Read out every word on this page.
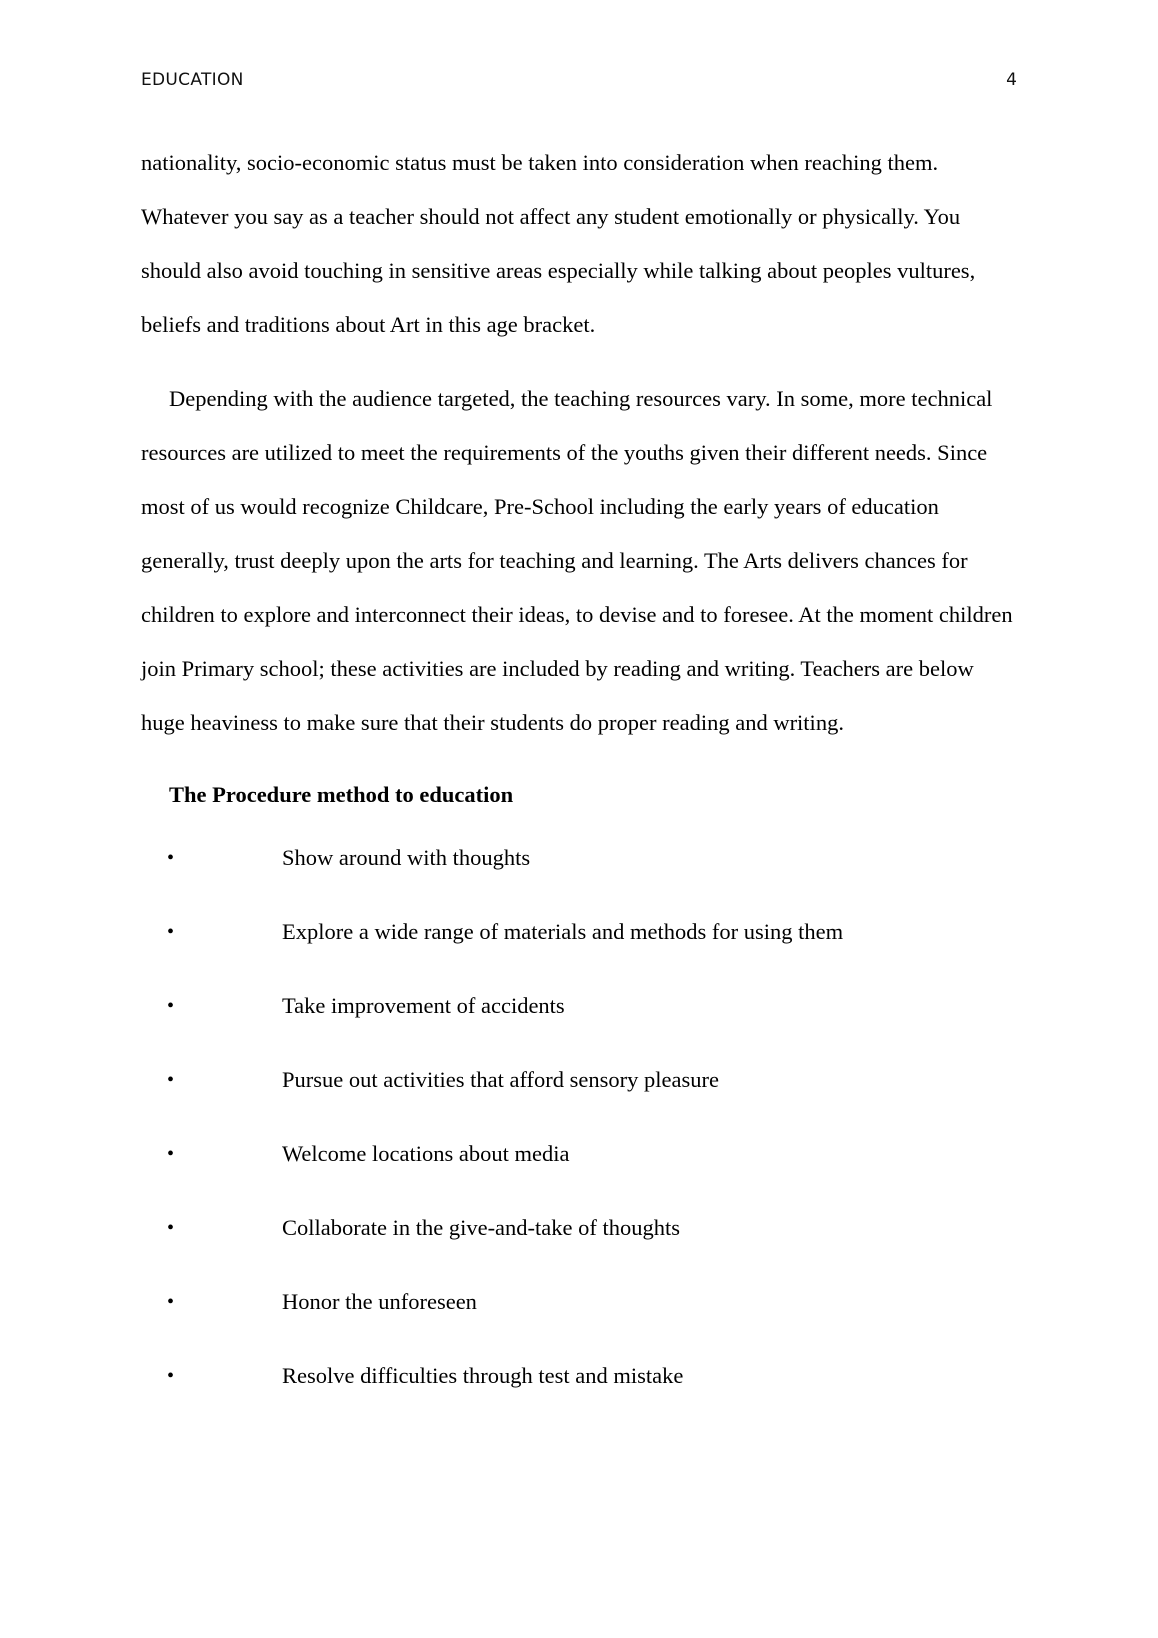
EDUCATION	4

nationality, socio-economic status must be taken into consideration when reaching them. Whatever you say as a teacher should not affect any student emotionally or physically. You should also avoid touching in sensitive areas especially while talking about peoples vultures, beliefs and traditions about Art in this age bracket.

Depending with the audience targeted, the teaching resources vary. In some, more technical resources are utilized to meet the requirements of the youths given their different needs. Since most of us would recognize Childcare, Pre-School including the early years of education generally, trust deeply upon the arts for teaching and learning. The Arts delivers chances for children to explore and interconnect their ideas, to devise and to foresee. At the moment children join Primary school; these activities are included by reading and writing. Teachers are below huge heaviness to make sure that their students do proper reading and writing.

The Procedure method to education

•	Show around with thoughts
•	Explore a wide range of materials and methods for using them
•	Take improvement of accidents
•	Pursue out activities that afford sensory pleasure
•	Welcome locations about media
•	Collaborate in the give-and-take of thoughts
•	Honor the unforeseen
•	Resolve difficulties through test and mistake
